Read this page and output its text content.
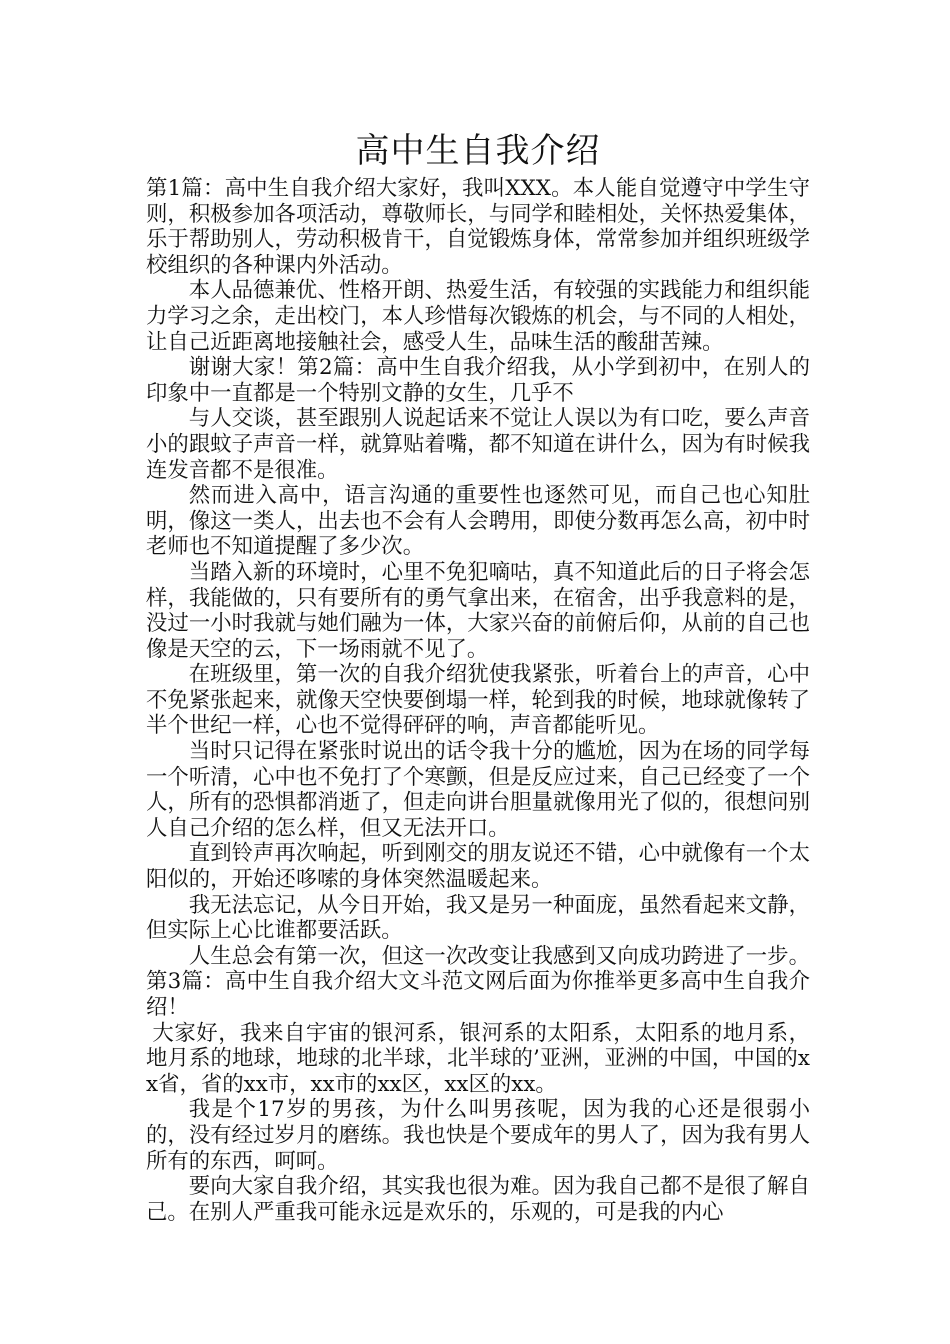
高中生自我介绍

第1篇：高中生自我介绍大家好，我叫XXX。本人能自觉遵守中学生守则，积极参加各项活动，尊敬师长，与同学和睦相处，关怀热爱集体，乐于帮助别人，劳动积极肯干，自觉锻炼身体，常常参加并组织班级学校组织的各种课内外活动。

本人品德兼优、性格开朗、热爱生活，有较强的实践能力和组织能力学习之余，走出校门，本人珍惜每次锻炼的机会，与不同的人相处，让自己近距离地接触社会，感受人生，品味生活的酸甜苦辣。

谢谢大家！第2篇：高中生自我介绍我，从小学到初中，在别人的印象中一直都是一个特别文静的女生，几乎不

与人交谈，甚至跟别人说起话来不觉让人误以为有口吃，要么声音小的跟蚊子声音一样，就算贴着嘴，都不知道在讲什么，因为有时候我连发音都不是很准。

然而进入高中，语言沟通的重要性也逐然可见，而自己也心知肚明，像这一类人，出去也不会有人会聘用，即使分数再怎么高，初中时老师也不知道提醒了多少次。

当踏入新的环境时，心里不免犯嘀咕，真不知道此后的日子将会怎样，我能做的，只有要所有的勇气拿出来，在宿舍，出乎我意料的是，没过一小时我就与她们融为一体，大家兴奋的前俯后仰，从前的自己也像是天空的云，下一场雨就不见了。

在班级里，第一次的自我介绍犹使我紧张，听着台上的声音，心中不免紧张起来，就像天空快要倒塌一样，轮到我的时候，地球就像转了半个世纪一样，心也不觉得砰砰的响，声音都能听见。

当时只记得在紧张时说出的话令我十分的尴尬，因为在场的同学每一个听清，心中也不免打了个寒颤，但是反应过来，自己已经变了一个人，所有的恐惧都消逝了，但走向讲台胆量就像用光了似的，很想问别人自己介绍的怎么样，但又无法开口。

直到铃声再次响起，听到刚交的朋友说还不错，心中就像有一个太阳似的，开始还哆嗦的身体突然温暖起来。

我无法忘记，从今日开始，我又是另一种面庞，虽然看起来文静，但实际上心比谁都要活跃。

人生总会有第一次，但这一次改变让我感到又向成功跨进了一步。第3篇：高中生自我介绍大文斗范文网后面为你推举更多高中生自我介绍！

大家好，我来自宇宙的银河系，银河系的太阳系，太阳系的地月系，地月系的地球，地球的北半球，北半球的’亚洲，亚洲的中国，中国的xx省，省的xx市，xx市的xx区，xx区的xx。

我是个17岁的男孩，为什么叫男孩呢，因为我的心还是很弱小的，没有经过岁月的磨练。我也快是个要成年的男人了，因为我有男人所有的东西，呵呵。

要向大家自我介绍，其实我也很为难。因为我自己都不是很了解自己。在别人严重我可能永远是欢乐的，乐观的，可是我的内心
